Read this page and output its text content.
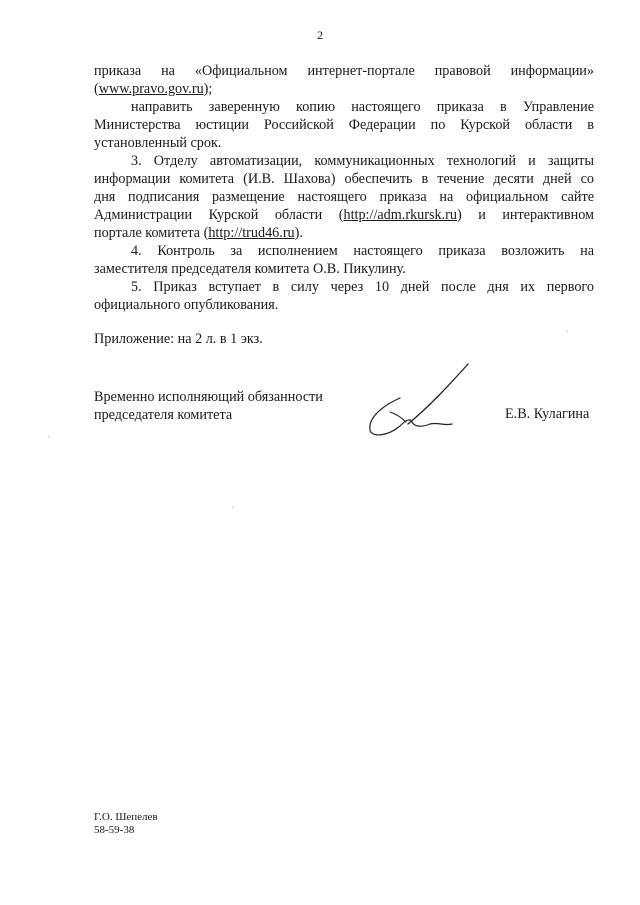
2
приказа на «Официальном интернет-портале правовой информации»
(www.pravo.gov.ru);
направить заверенную копию настоящего приказа в Управление
Министерства юстиции Российской Федерации по Курской области в
установленный срок.
3. Отделу автоматизации, коммуникационных технологий и защиты
информации комитета (И.В. Шахова) обеспечить в течение десяти дней со
дня подписания размещение настоящего приказа на официальном сайте
Администрации Курской области (http://adm.rkursk.ru) и интерактивном
портале комитета (http://trud46.ru).
4. Контроль за исполнением настоящего приказа возложить на
заместителя председателя комитета О.В. Пикулину.
5. Приказ вступает в силу через 10 дней после дня их первого
официального опубликования.
Приложение: на 2 л. в 1 экз.
Временно исполняющий обязанности
председателя комитета	Е.В. Кулагина
Г.О. Шепелев
58-59-38
